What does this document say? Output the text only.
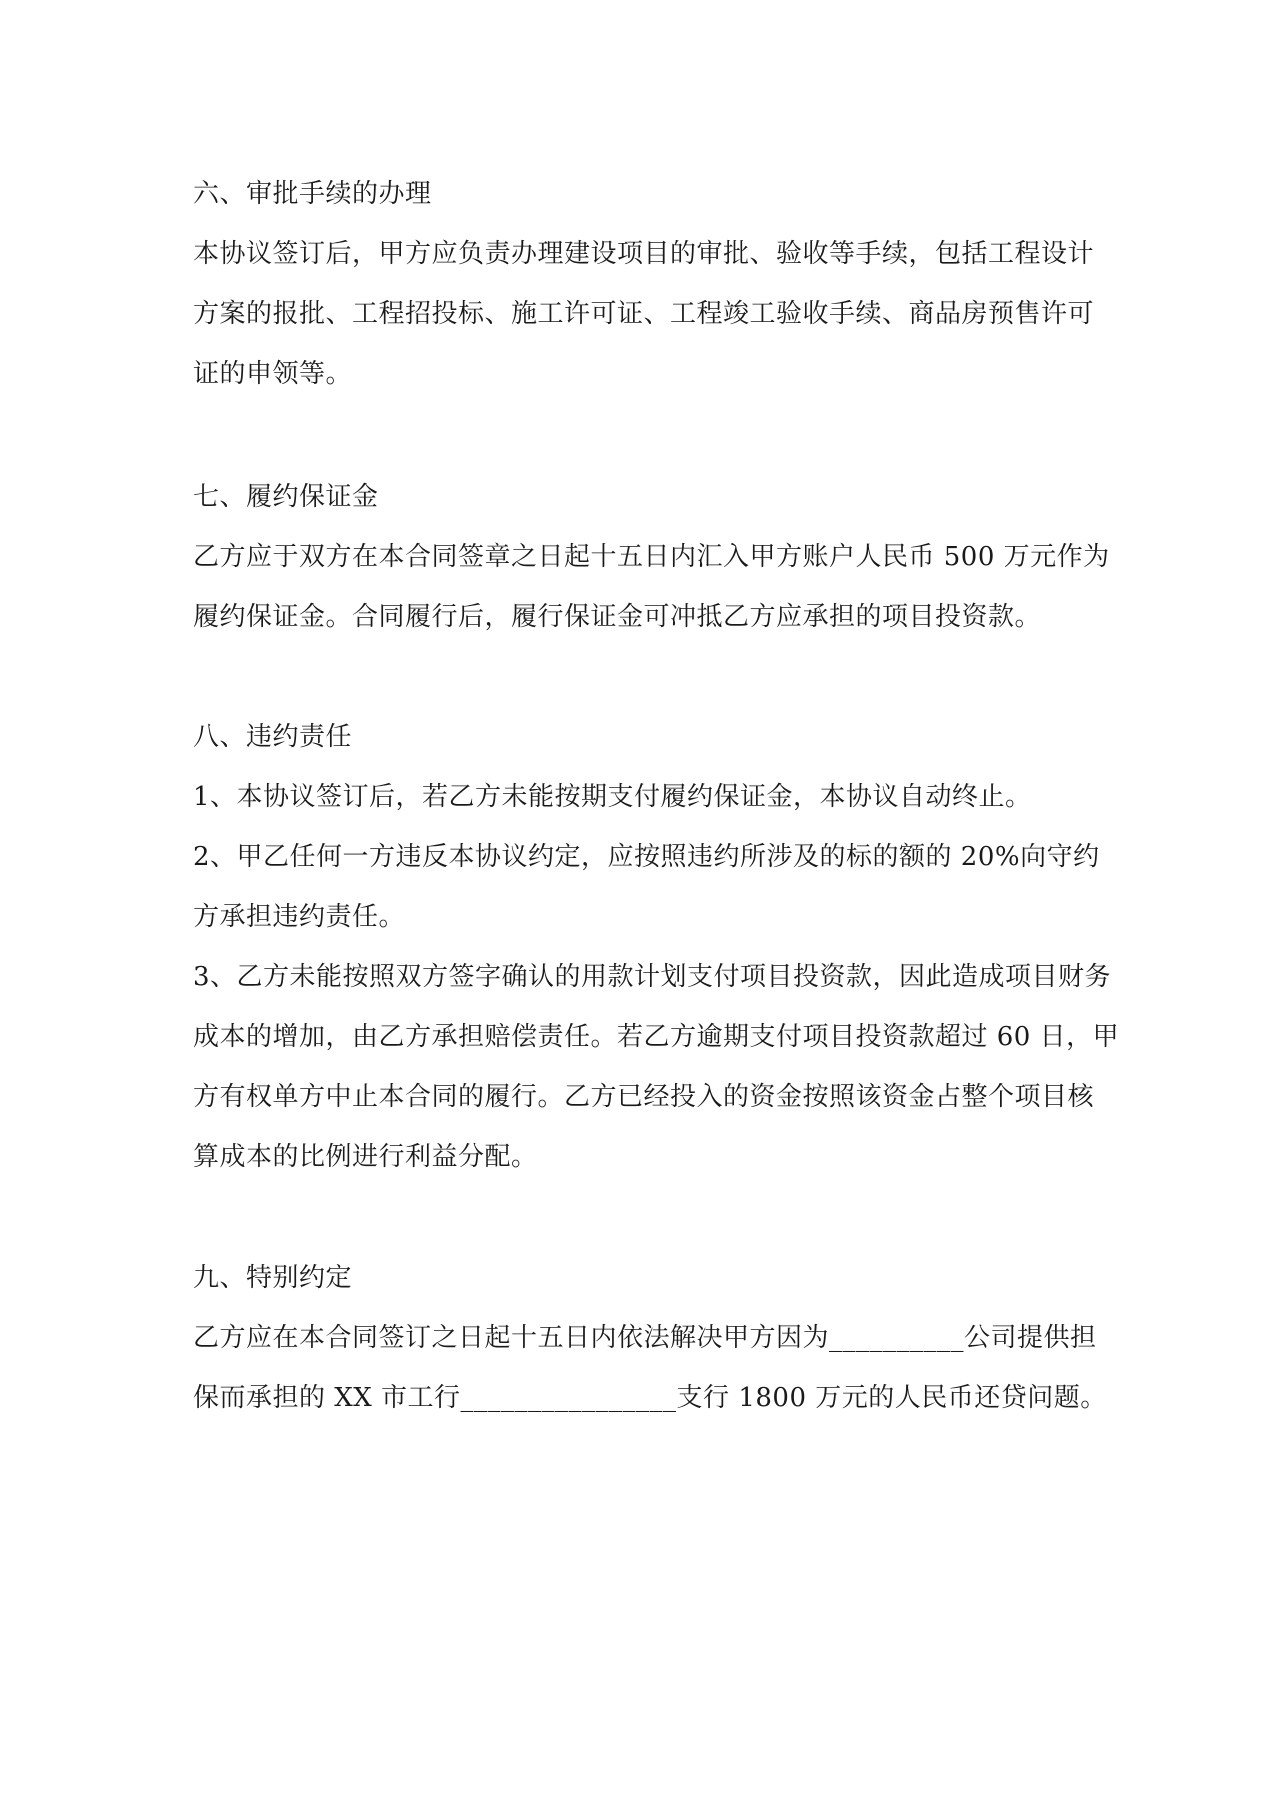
六、审批手续的办理
本协议签订后，甲方应负责办理建设项目的审批、验收等手续，包括工程设计
方案的报批、工程招投标、施工许可证、工程竣工验收手续、商品房预售许可
证的申领等。
七、履约保证金
乙方应于双方在本合同签章之日起十五日内汇入甲方账户人民币 500 万元作为
履约保证金。合同履行后，履行保证金可冲抵乙方应承担的项目投资款。
八、违约责任
1、本协议签订后，若乙方未能按期支付履约保证金，本协议自动终止。
2、甲乙任何一方违反本协议约定，应按照违约所涉及的标的额的 20%向守约
方承担违约责任。
3、乙方未能按照双方签字确认的用款计划支付项目投资款，因此造成项目财务
成本的增加，由乙方承担赔偿责任。若乙方逾期支付项目投资款超过 60 日，甲
方有权单方中止本合同的履行。乙方已经投入的资金按照该资金占整个项目核
算成本的比例进行利益分配。
九、特别约定
乙方应在本合同签订之日起十五日内依法解决甲方因为__________公司提供担
保而承担的 XX 市工行________________支行 1800 万元的人民币还贷问题。
